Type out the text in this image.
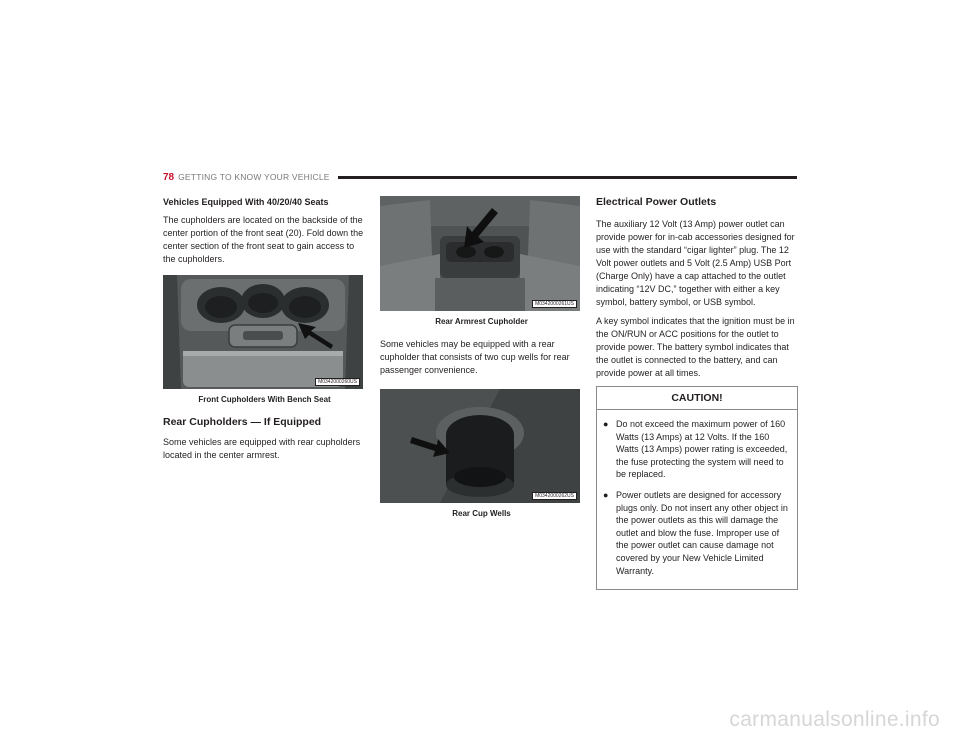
78 GETTING TO KNOW YOUR VEHICLE
Vehicles Equipped With 40/20/40 Seats

The cupholders are located on the backside of the center portion of the front seat (20). Fold down the center section of the front seat to gain access to the cupholders.

M0342000260US
Front Cupholders With Bench Seat
Rear Cupholders — If Equipped

Some vehicles are equipped with rear cupholders located in the center armrest.

M0342000261US
Rear Armrest Cupholder

Some vehicles may be equipped with a rear cupholder that consists of two cup wells for rear passenger convenience.

M0342000262US
Rear Cup Wells
Electrical Power Outlets

The auxiliary 12 Volt (13 Amp) power outlet can provide power for in-cab accessories designed for use with the standard “cigar lighter” plug. The 12 Volt power outlets and 5 Volt (2.5 Amp) USB Port (Charge Only) have a cap attached to the outlet indicating “12V DC,” together with either a key symbol, battery symbol, or USB symbol.

A key symbol indicates that the ignition must be in the ON/RUN or ACC positions for the outlet to provide power. The battery symbol indicates that the outlet is connected to the battery, and can provide power at all times.

CAUTION!
● Do not exceed the maximum power of 160 Watts (13 Amps) at 12 Volts. If the 160 Watts (13 Amps) power rating is exceeded, the fuse protecting the system will need to be replaced.
● Power outlets are designed for accessory plugs only. Do not insert any other object in the power outlets as this will damage the outlet and blow the fuse. Improper use of the power outlet can cause damage not covered by your New Vehicle Limited Warranty.
carmanualsonline.info
